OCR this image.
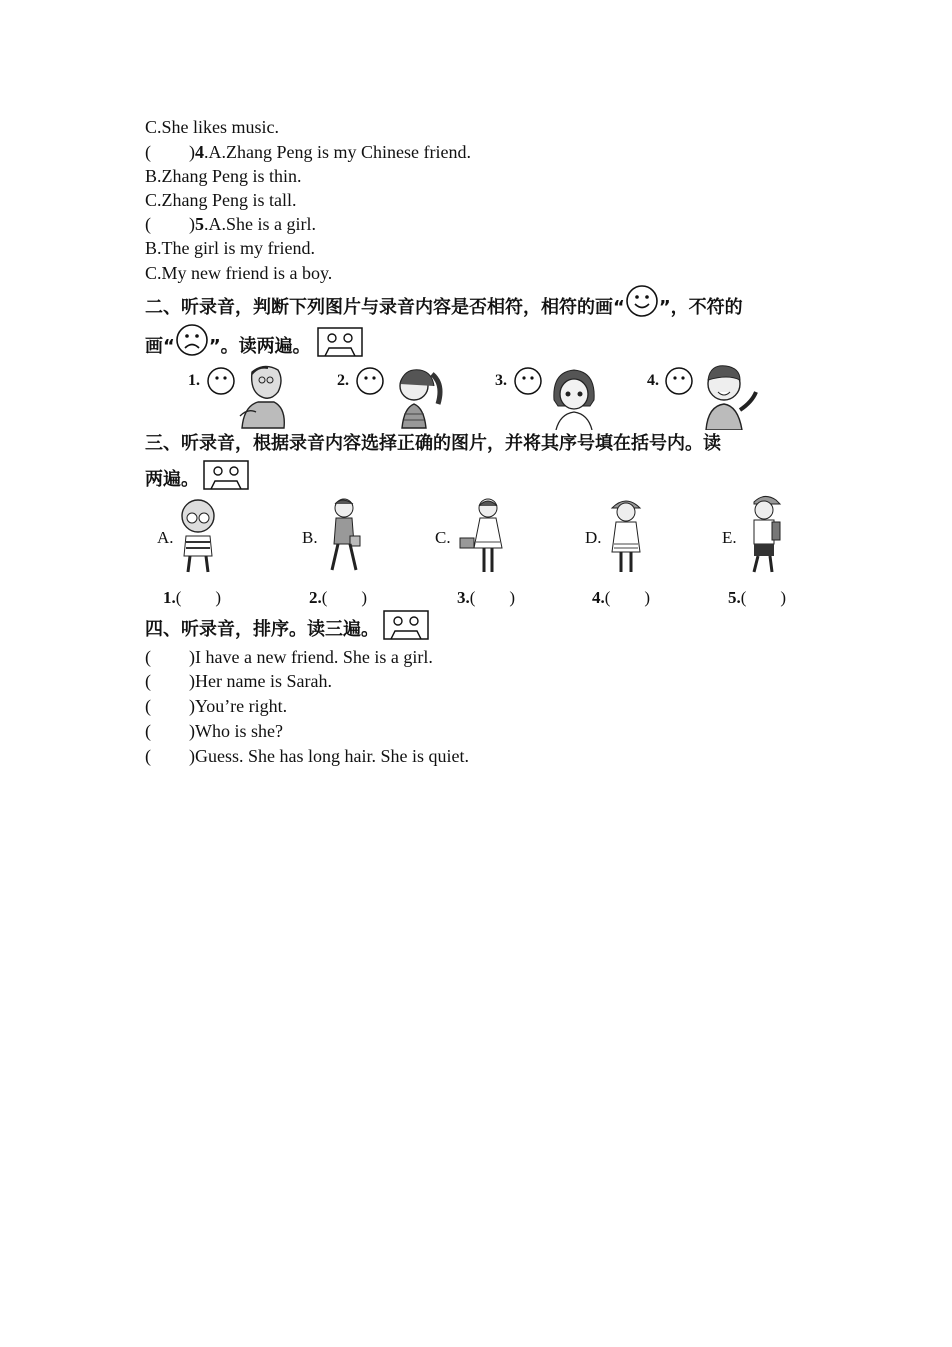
C.She likes music.
( )4.A.Zhang Peng is my Chinese friend.
B.Zhang Peng is thin.
C.Zhang Peng is tall.
( )5.A.She is a girl.
B.The girl is my friend.
C.My new friend is a boy.
二、听录音，判断下列图片与录音内容是否相符，相符的画“ ”，不符的
画“ ”。读两遍。
1.	2.	3.	4.
三、听录音，根据录音内容选择正确的图片，并将其序号填在括号内。读
两遍。
A.	B.	C.	D.	E.
1.(        )	2.(        )	3.(        )	4.(        )	5.(        )
四、听录音，排序。读三遍。
( )I have a new friend. She is a girl.
( )Her name is Sarah.
( )You’re right.
( )Who is she?
( )Guess. She has long hair. She is quiet.
